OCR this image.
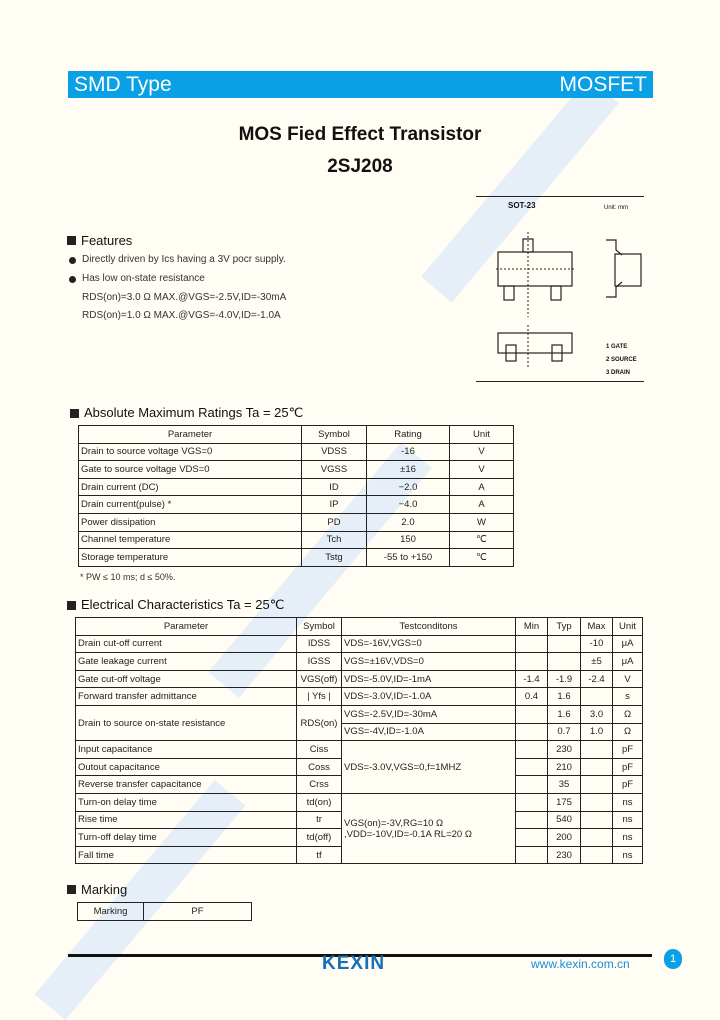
SMD Type	MOSFET
MOS Fied Effect Transistor
2SJ208
Features
Directly driven by Ics having a 3V pocr supply.
Has low on-state resistance
RDS(on)=3.0 Ω MAX.@VGS=-2.5V,ID=-30mA
RDS(on)=1.0 Ω MAX.@VGS=-4.0V,ID=-1.0A
SOT-23	Unit: mm
1 GATE
2 SOURCE
3 DRAIN
Absolute Maximum Ratings Ta = 25℃
Parameter	Symbol	Rating	Unit
Drain to source voltage VGS=0	VDSS	-16	V
Gate to source voltage VDS=0	VGSS	±16	V
Drain current (DC)	ID	−2.0	A
Drain current(pulse) *	IP	−4.0	A
Power dissipation	PD	2.0	W
Channel temperature	Tch	150	℃
Storage temperature	Tstg	-55 to +150	℃
* PW ≤ 10 ms; d ≤ 50%.
Electrical Characteristics Ta = 25℃
Parameter	Symbol	Testconditons	Min	Typ	Max	Unit
Drain cut-off current	IDSS	VDS=-16V,VGS=0			-10	μA
Gate leakage current	IGSS	VGS=±16V,VDS=0			±5	μA
Gate cut-off voltage	VGS(off)	VDS=-5.0V,ID=-1mA	-1.4	-1.9	-2.4	V
Forward transfer admittance	| Yfs |	VDS=-3.0V,ID=-1.0A	0.4	1.6		s
Drain to source on-state resistance	RDS(on)	VGS=-2.5V,ID=-30mA		1.6	3.0	Ω
		VGS=-4V,ID=-1.0A		0.7	1.0	Ω
Input capacitance	Ciss	VDS=-3.0V,VGS=0,f=1MHZ		230		pF
Outout capacitance	Coss			210		pF
Reverse transfer capacitance	Crss			35		pF
Turn-on delay time	td(on)	VGS(on)=-3V,RG=10 Ω ,VDD=-10V,ID=-0.1A RL=20 Ω		175		ns
Rise time	tr			540		ns
Turn-off delay time	td(off)			200		ns
Fall time	tf			230		ns
Marking
Marking	PF
KEXIN	www.kexin.com.cn	1
